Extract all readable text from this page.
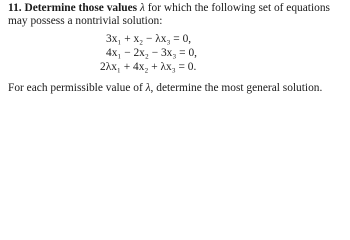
11. Determine those values λ for which the following set of equations may possess a nontrivial solution:

3x₁ + x₂ − λx₃ = 0,
4x₁ − 2x₂ − 3x₃ = 0,
2λx₁ + 4x₂ + λx₃ = 0.
For each permissible value of λ, determine the most general solution.
